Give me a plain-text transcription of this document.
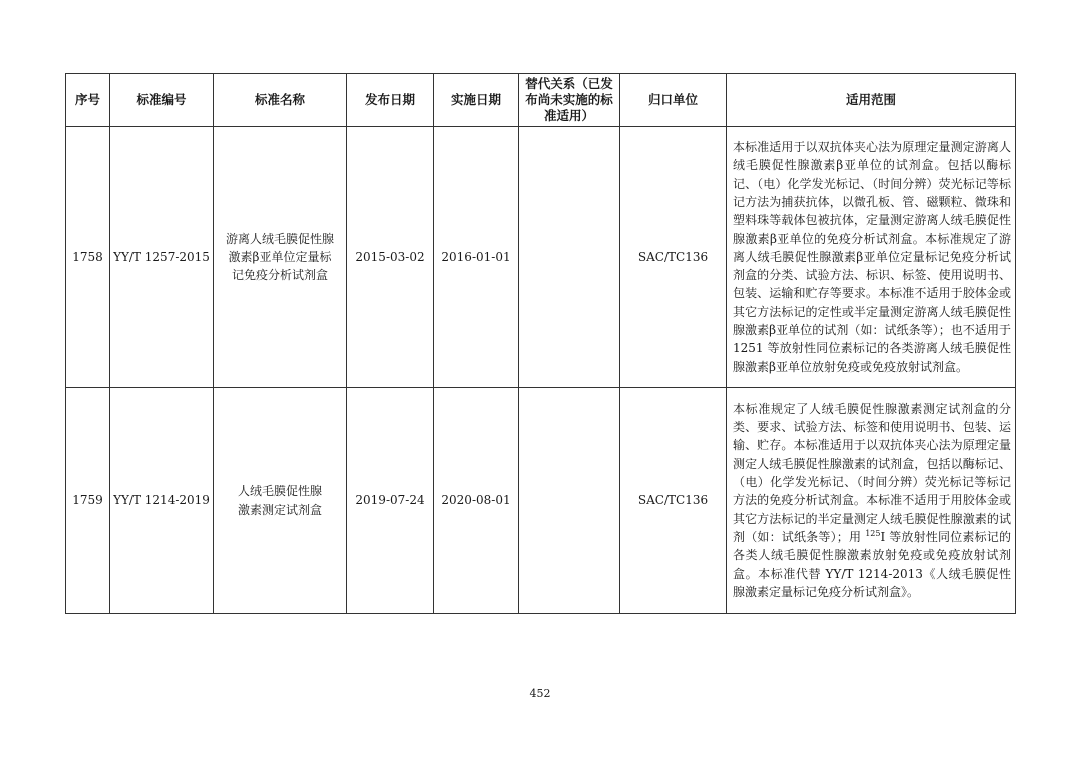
序号	标准编号	标准名称	发布日期	实施日期	替代关系（已发布尚未实施的标准适用）	归口单位	适用范围
1758	YY/T 1257-2015	游离人绒毛膜促性腺激素β亚单位定量标记免疫分析试剂盒	2015-03-02	2016-01-01		SAC/TC136	本标准适用于以双抗体夹心法为原理定量测定游离人绒毛膜促性腺激素β亚单位的试剂盒。包括以酶标记、（电）化学发光标记、（时间分辨）荧光标记等标记方法为捕获抗体，以微孔板、管、磁颗粒、微珠和塑料珠等载体包被抗体，定量测定游离人绒毛膜促性腺激素β亚单位的免疫分析试剂盒。本标准规定了游离人绒毛膜促性腺激素β亚单位定量标记免疫分析试剂盒的分类、试验方法、标识、标签、使用说明书、包装、运输和贮存等要求。本标准不适用于胶体金或其它方法标记的定性或半定量测定游离人绒毛膜促性腺激素β亚单位的试剂（如：试纸条等）；也不适用于 1251 等放射性同位素标记的各类游离人绒毛膜促性腺激素β亚单位放射免疫或免疫放射试剂盒。
1759	YY/T 1214-2019	人绒毛膜促性腺激素测定试剂盒	2019-07-24	2020-08-01		SAC/TC136	本标准规定了人绒毛膜促性腺激素测定试剂盒的分类、要求、试验方法、标签和使用说明书、包装、运输、贮存。本标准适用于以双抗体夹心法为原理定量测定人绒毛膜促性腺激素的试剂盒，包括以酶标记、（电）化学发光标记、（时间分辨）荧光标记等标记方法的免疫分析试剂盒。本标准不适用于用胶体金或其它方法标记的半定量测定人绒毛膜促性腺激素的试剂（如：试纸条等）；用 $^{125}$I 等放射性同位素标记的各类人绒毛膜促性腺激素放射免疫或免疫放射试剂盒。本标准代替 YY/T 1214-2013《人绒毛膜促性腺激素定量标记免疫分析试剂盒》。
452
